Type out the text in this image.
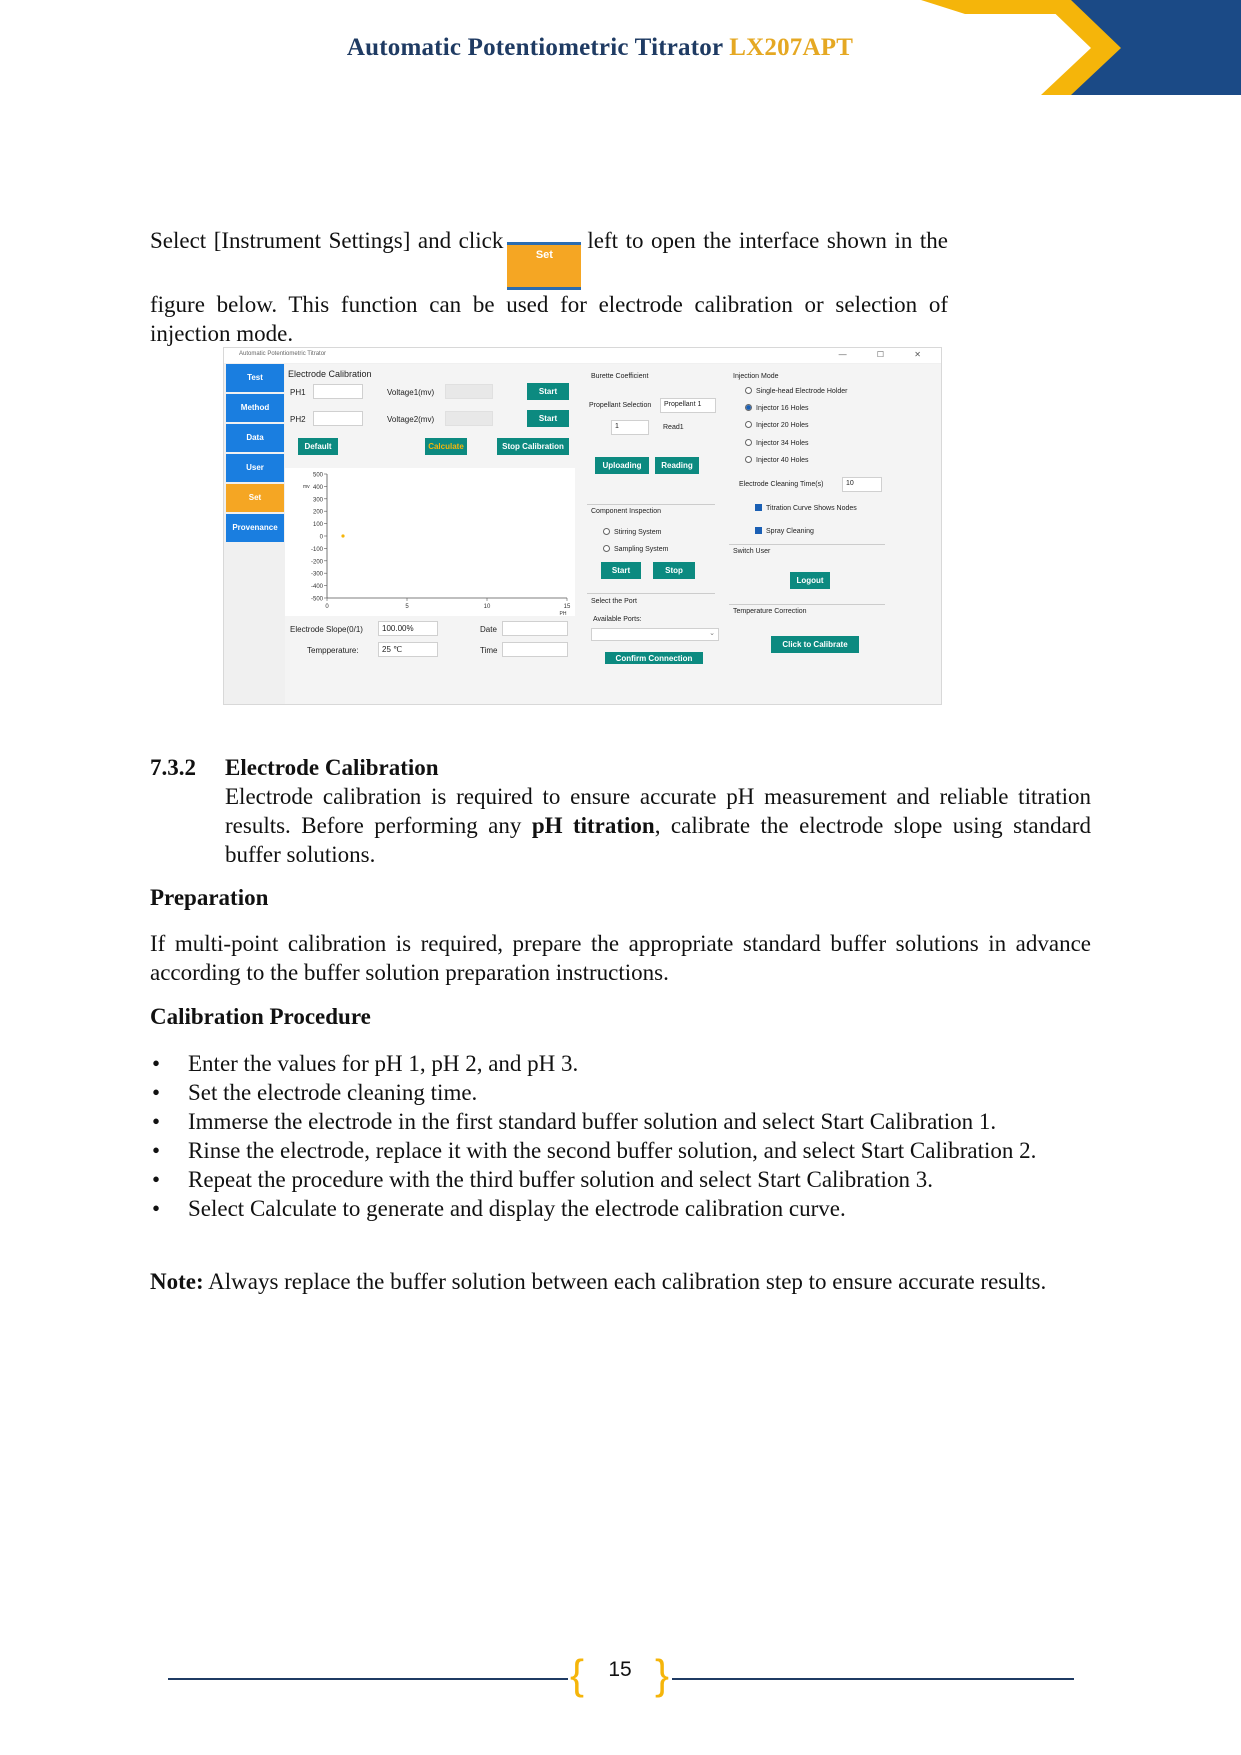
Automatic Potentiometric Titrator LX207APT

Select [Instrument Settings] and clickSetleft to open the interface shown in the figure below. This function can be used for electrode calibration or selection of injection mode.

Automatic Potentiometric Titrator	— ☐ ✕
Test
Method
Data
User
Set
Provenance
Electrode Calibration
PH1	Voltage1(mv)	Start
PH2	Voltage2(mv)	Start
Default	Calculate	Stop Calibration
500
400
300
200
100
0
-100
-200
-300
-400
-500
0	5	10	15
mv
PH
Electrode Slope(0/1)	100.00%	Date
Tempperature:	25 ℃	Time
Burette Coefficient
Propellant Selection	Propellant 1
1	Read1
Uploading	Reading
Component Inspection
Stirring System
Sampling System
Start	Stop
Select the Port
Available Ports:
⌄
Confirm Connection
Injection Mode
Single-head Electrode Holder
Injector 16 Holes
Injector 20 Holes
Injector 34 Holes
Injector 40 Holes
Electrode Cleaning Time(s)	10
Titration Curve Shows Nodes
Spray Cleaning
Switch User
Logout
Temperature Correction
Click to Calibrate
7.3.2 Electrode Calibration

Electrode calibration is required to ensure accurate pH measurement and reliable titration results. Before performing any pH titration, calibrate the electrode slope using standard buffer solutions.

Preparation

If multi-point calibration is required, prepare the appropriate standard buffer solutions in advance according to the buffer solution preparation instructions.

Calibration Procedure
• Enter the values for pH 1, pH 2, and pH 3.
• Set the electrode cleaning time.
• Immerse the electrode in the first standard buffer solution and select Start Calibration 1.
• Rinse the electrode, replace it with the second buffer solution, and select Start Calibration 2.
• Repeat the procedure with the third buffer solution and select Start Calibration 3.
• Select Calculate to generate and display the electrode calibration curve.

Note: Always replace the buffer solution between each calibration step to ensure accurate results.

{ }
15
